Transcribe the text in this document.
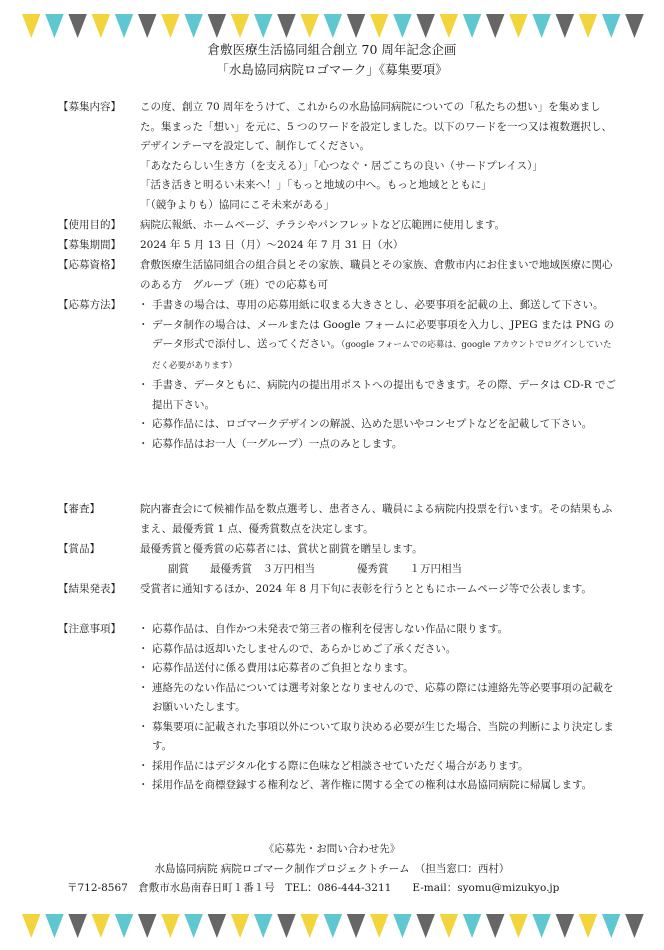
倉敷医療生活協同組合創立 70 周年記念企画
「水島協同病院ロゴマーク」《募集要項》
【募集内容】	この度、創立 70 周年をうけて、これからの水島協同病院についての「私たちの想い」を集めました。集まった「想い」を元に、5 つのワードを設定しました。以下のワードを一つ又は複数選択し、デザインテーマを設定して、制作してください。

「あなたらしい生き方（を支える）」「心つなぐ・居ごこちの良い（サードプレイス）」

「活き活きと明るい未来へ！」「もっと地域の中へ。もっと地域とともに」

「（競争よりも）協同にこそ未来がある」

【使用目的】	病院広報紙、ホームページ、チラシやパンフレットなど広範囲に使用します。

【募集期間】	2024 年 5 月 13 日（月）～2024 年 7 月 31 日（水）

【応募資格】	倉敷医療生活協同組合の組合員とその家族、職員とその家族、倉敷市内にお住まいで地域医療に関心のある方　グループ（班）での応募も可

【応募方法】	・ 手書きの場合は、専用の応募用紙に収まる大きさとし、必要事項を記載の上、郵送して下さい。
・ データ制作の場合は、メールまたは Google フォームに必要事項を入力し、JPEG または PNG のデータ形式で添付し、送ってください。（google フォームでの応募は、google アカウントでログインしていただく必要があります）
・ 手書き、データともに、病院内の提出用ポストへの提出もできます。その際、データは CD-R でご提出下さい。
・ 応募作品には、ロゴマークデザインの解説、込めた思いやコンセプトなどを記載して下さい。
・ 応募作品はお一人（一グループ）一点のみとします。
【審査】	院内審査会にて候補作品を数点選考し、患者さん、職員による病院内投票を行います。その結果もふまえ、最優秀賞 1 点、優秀賞数点を決定します。

【賞品】	最優秀賞と優秀賞の応募者には、賞状と副賞を贈呈します。

副賞　　最優秀賞　３万円相当　　　　優秀賞　　１万円相当

【結果発表】	受賞者に通知するほか、2024 年 8 月下旬に表彰を行うとともにホームページ等で公表します。

【注意事項】	・ 応募作品は、自作かつ未発表で第三者の権利を侵害しない作品に限ります。
・ 応募作品は返却いたしませんので、あらかじめご了承ください。
・ 応募作品送付に係る費用は応募者のご負担となります。
・ 連絡先のない作品については選考対象となりませんので、応募の際には連絡先等必要事項の記載をお願いいたします。
・ 募集要項に記載された事項以外について取り決める必要が生じた場合、当院の判断により決定します。
・ 採用作品にはデジタル化する際に色味など相談させていただく場合があります。
・ 採用作品を商標登録する権利など、著作権に関する全ての権利は水島協同病院に帰属します。
《応募先・お問い合わせ先》
水島協同病院 病院ロゴマーク制作プロジェクトチーム　（担当窓口：西村）
〒712-8567　倉敷市水島南春日町１番１号　TEL：086-444-3211　　E-mail：syomu@mizukyo.jp
